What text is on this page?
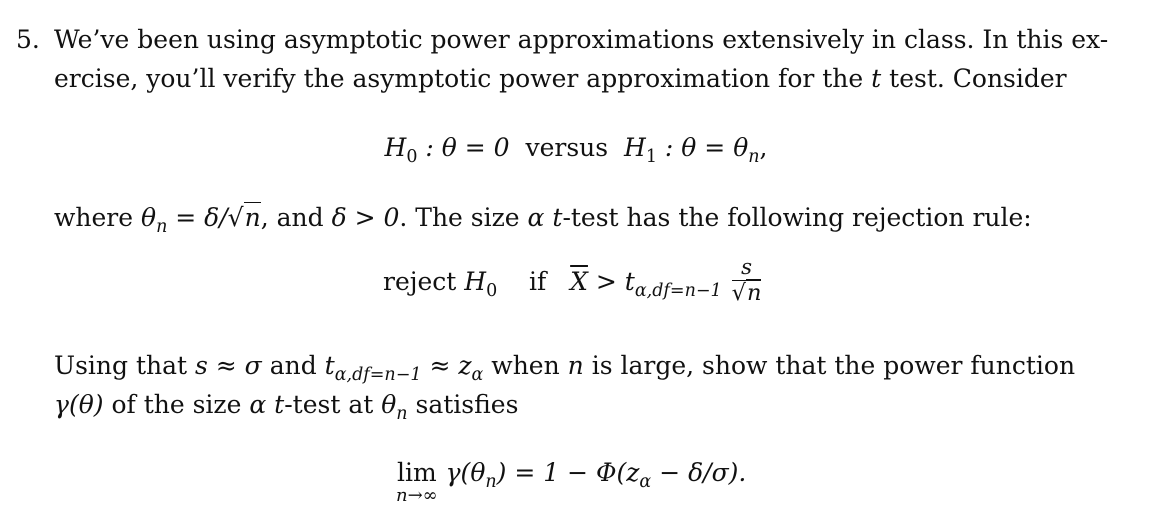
5. We’ve been using asymptotic power approximations extensively in class. In this ex-
ercise, you’ll verify the asymptotic power approximation for the t test. Consider
$H_0$ : θ = 0 versus $H_1$ : $\theta = \theta_n$,
where $\theta_n = \delta/√n$, and δ > 0. The size α t-test has the following rejection rule:
reject $H_0$ if $\overline{X} > t_{\alpha,df=n-1} \frac{s}{√n}$
Using that s ≈ σ and $t_{\alpha,df=n-1} \approx z_\alpha$ when n is large, show that the power function
γ(θ) of the size α t-test at $\theta_n$ satisfies
lim
n→∞
$\gamma(\theta_n) = 1 - \Phi(z_\alpha - \delta/\sigma)$.
